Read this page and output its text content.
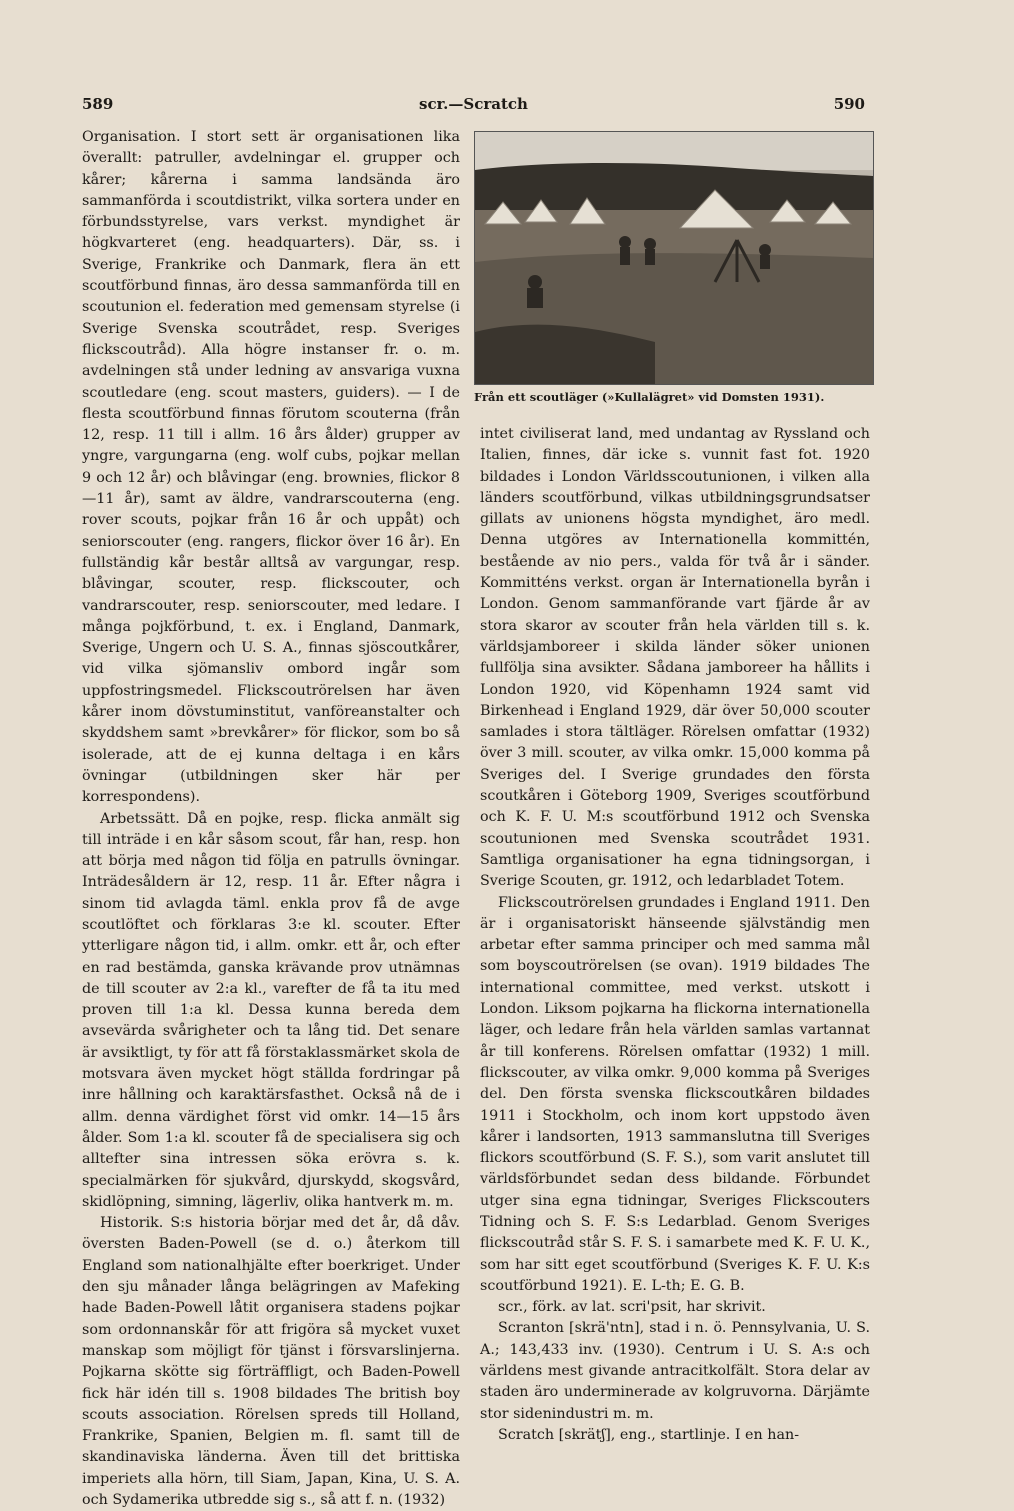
589	scr.—Scratch	590

Organisation. I stort sett är organisationen lika överallt: patruller, avdelningar el. grupper och kårer; kårerna i samma landsända äro sammanförda i scoutdistrikt, vilka sortera under en förbundsstyrelse, vars verkst. myndighet är högkvarteret (eng. headquarters). Där, ss. i Sverige, Frankrike och Danmark, flera än ett scoutförbund finnas, äro dessa sammanförda till en scoutunion el. federation med gemensam styrelse (i Sverige Svenska scoutrådet, resp. Sveriges flickscoutråd). Alla högre instanser fr. o. m. avdelningen stå under ledning av ansvariga vuxna scoutledare (eng. scout masters, guiders). — I de flesta scoutförbund finnas förutom scouterna (från 12, resp. 11 till i allm. 16 års ålder) grupper av yngre, vargungarna (eng. wolf cubs, pojkar mellan 9 och 12 år) och blåvingar (eng. brownies, flickor 8—11 år), samt av äldre, vandrarscouterna (eng. rover scouts, pojkar från 16 år och uppåt) och seniorscouter (eng. rangers, flickor över 16 år). En fullständig kår består alltså av vargungar, resp. blåvingar, scouter, resp. flickscouter, och vandrarscouter, resp. seniorscouter, med ledare. I många pojkförbund, t. ex. i England, Danmark, Sverige, Ungern och U. S. A., finnas sjöscoutkårer, vid vilka sjömansliv ombord ingår som uppfostringsmedel. Flickscoutrörelsen har även kårer inom dövstuminstitut, vanföreanstalter och skyddshem samt »brevkårer» för flickor, som bo så isolerade, att de ej kunna deltaga i en kårs övningar (utbildningen sker här per korrespondens).

Arbetssätt. Då en pojke, resp. flicka anmält sig till inträde i en kår såsom scout, får han, resp. hon att börja med någon tid följa en patrulls övningar. Inträdesåldern är 12, resp. 11 år. Efter några i sinom tid avlagda täml. enkla prov få de avge scoutlöftet och förklaras 3:e kl. scouter. Efter ytterligare någon tid, i allm. omkr. ett år, och efter en rad bestämda, ganska krävande prov utnämnas de till scouter av 2:a kl., varefter de få ta itu med proven till 1:a kl. Dessa kunna bereda dem avsevärda svårigheter och ta lång tid. Det senare är avsiktligt, ty för att få förstaklassmärket skola de motsvara även mycket högt ställda fordringar på inre hållning och karaktärsfasthet. Också nå de i allm. denna värdighet först vid omkr. 14—15 års ålder. Som 1:a kl. scouter få de specialisera sig och alltefter sina intressen söka erövra s. k. specialmärken för sjukvård, djurskydd, skogsvård, skidlöpning, simning, lägerliv, olika hantverk m. m.

Historik. S:s historia börjar med det år, då dåv. översten Baden-Powell (se d. o.) återkom till England som nationalhjälte efter boerkriget. Under den sju månader långa belägringen av Mafeking hade Baden-Powell låtit organisera stadens pojkar som ordonnanskår för att frigöra så mycket vuxet manskap som möjligt för tjänst i försvarslinjerna. Pojkarna skötte sig förträffligt, och Baden-Powell fick här idén till s. 1908 bildades The british boy scouts association. Rörelsen spreds till Holland, Frankrike, Spanien, Belgien m. fl. samt till de skandinaviska länderna. Även till det brittiska imperiets alla hörn, till Siam, Japan, Kina, U. S. A. och Sydamerika utbredde sig s., så att f. n. (1932)

Från ett scoutläger (»Kullalägret» vid Domsten 1931).

intet civiliserat land, med undantag av Ryssland och Italien, finnes, där icke s. vunnit fast fot. 1920 bildades i London Världsscoutunionen, i vilken alla länders scoutförbund, vilkas utbildningsgrundsatser gillats av unionens högsta myndighet, äro medl. Denna utgöres av Internationella kommittén, bestående av nio pers., valda för två år i sänder. Kommitténs verkst. organ är Internationella byrån i London. Genom sammanförande vart fjärde år av stora skaror av scouter från hela världen till s. k. världsjamboreer i skilda länder söker unionen fullfölja sina avsikter. Sådana jamboreer ha hållits i London 1920, vid Köpenhamn 1924 samt vid Birkenhead i England 1929, där över 50,000 scouter samlades i stora tältläger. Rörelsen omfattar (1932) över 3 mill. scouter, av vilka omkr. 15,000 komma på Sveriges del. I Sverige grundades den första scoutkåren i Göteborg 1909, Sveriges scoutförbund och K. F. U. M:s scoutförbund 1912 och Svenska scoutunionen med Svenska scoutrådet 1931. Samtliga organisationer ha egna tidningsorgan, i Sverige Scouten, gr. 1912, och ledarbladet Totem.

Flickscoutrörelsen grundades i England 1911. Den är i organisatoriskt hänseende självständig men arbetar efter samma principer och med samma mål som boyscoutrörelsen (se ovan). 1919 bildades The international committee, med verkst. utskott i London. Liksom pojkarna ha flickorna internationella läger, och ledare från hela världen samlas vartannat år till konferens. Rörelsen omfattar (1932) 1 mill. flickscouter, av vilka omkr. 9,000 komma på Sveriges del. Den första svenska flickscoutkåren bildades 1911 i Stockholm, och inom kort uppstodo även kårer i landsorten, 1913 sammanslutna till Sveriges flickors scoutförbund (S. F. S.), som varit anslutet till världsförbundet sedan dess bildande. Förbundet utger sina egna tidningar, Sveriges Flickscouters Tidning och S. F. S:s Ledarblad. Genom Sveriges flickscoutråd står S. F. S. i samarbete med K. F. U. K., som har sitt eget scoutförbund (Sveriges K. F. U. K:s scoutförbund 1921). E. L-th; E. G. B.

scr., förk. av lat. scri'psit, har skrivit.

Scranton [skrä'ntn], stad i n. ö. Pennsylvania, U. S. A.; 143,433 inv. (1930). Centrum i U. S. A:s och världens mest givande antracitkolfält. Stora delar av staden äro underminerade av kolgruvorna. Därjämte stor sidenindustri m. m.

Scratch [skrätʃ], eng., startlinje. I en han-
